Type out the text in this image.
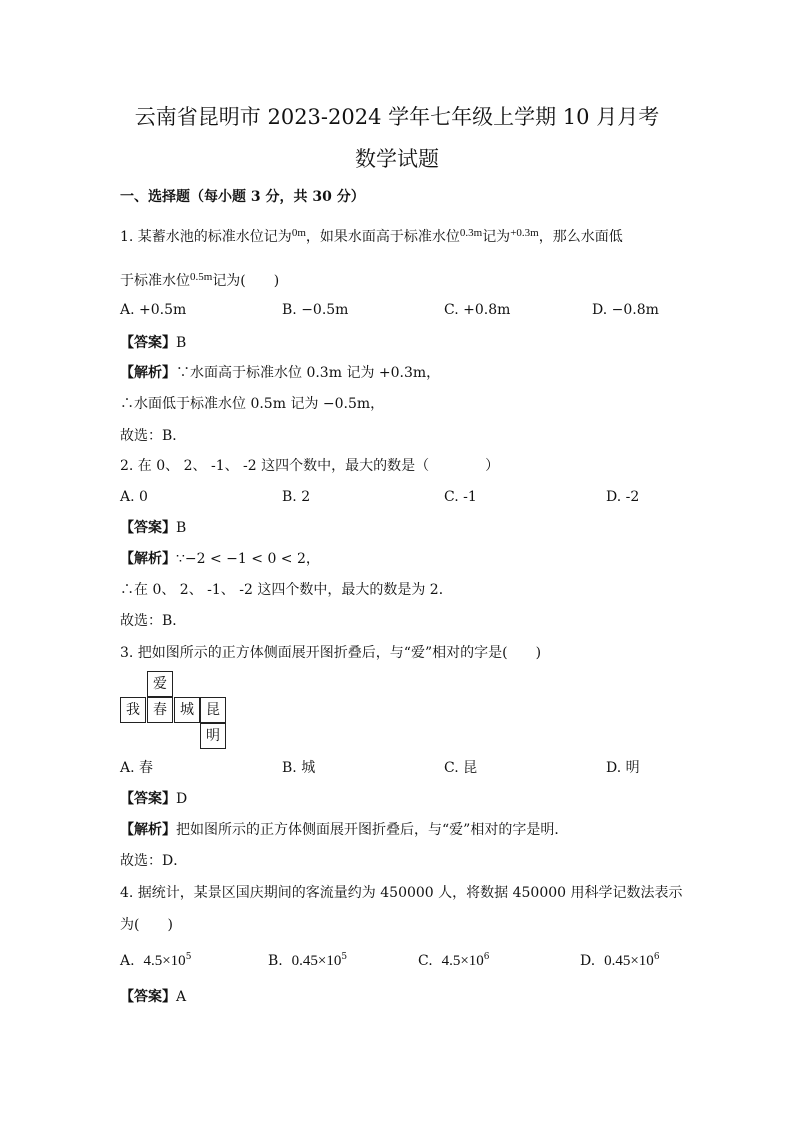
云南省昆明市 2023-2024 学年七年级上学期 10 月月考
数学试题
一、选择题（每小题 3 分，共 30 分）
1. 某蓄水池的标准水位记为$^{0m}$，如果水面高于标准水位$^{0.3m}$记为$^{+0.3m}$，那么水面低
于标准水位$^{0.5m}$记为(　　)
A. +0.5m	B. −0.5m	C. +0.8m	D. −0.8m
【答案】B
【解析】∵水面高于标准水位 0.3m 记为 +0.3m，
∴水面低于标准水位 0.5m 记为 −0.5m，
故选：B．
2. 在 0、 2、 -1、 -2 这四个数中，最大的数是（　　　　）
A. 0	B. 2	C. -1	D. -2
【答案】B
【解析】∵−2 < −1 < 0 < 2，
∴在 0、 2、 -1、 -2 这四个数中，最大的数是为 2．
故选：B．
3. 把如图所示的正方体侧面展开图折叠后，与“爱”相对的字是(　　)
爱
我 春 城 昆
明
A. 春	B. 城	C. 昆	D. 明
【答案】D
【解析】把如图所示的正方体侧面展开图折叠后，与“爱”相对的字是明．
故选：D．
4. 据统计，某景区国庆期间的客流量约为 450000 人，将数据 450000 用科学记数法表示
为(　　)
A. $4.5\times 10^5$	B. $0.45\times 10^5$	C. $4.5\times 10^6$	D. $0.45\times 10^6$
【答案】A
